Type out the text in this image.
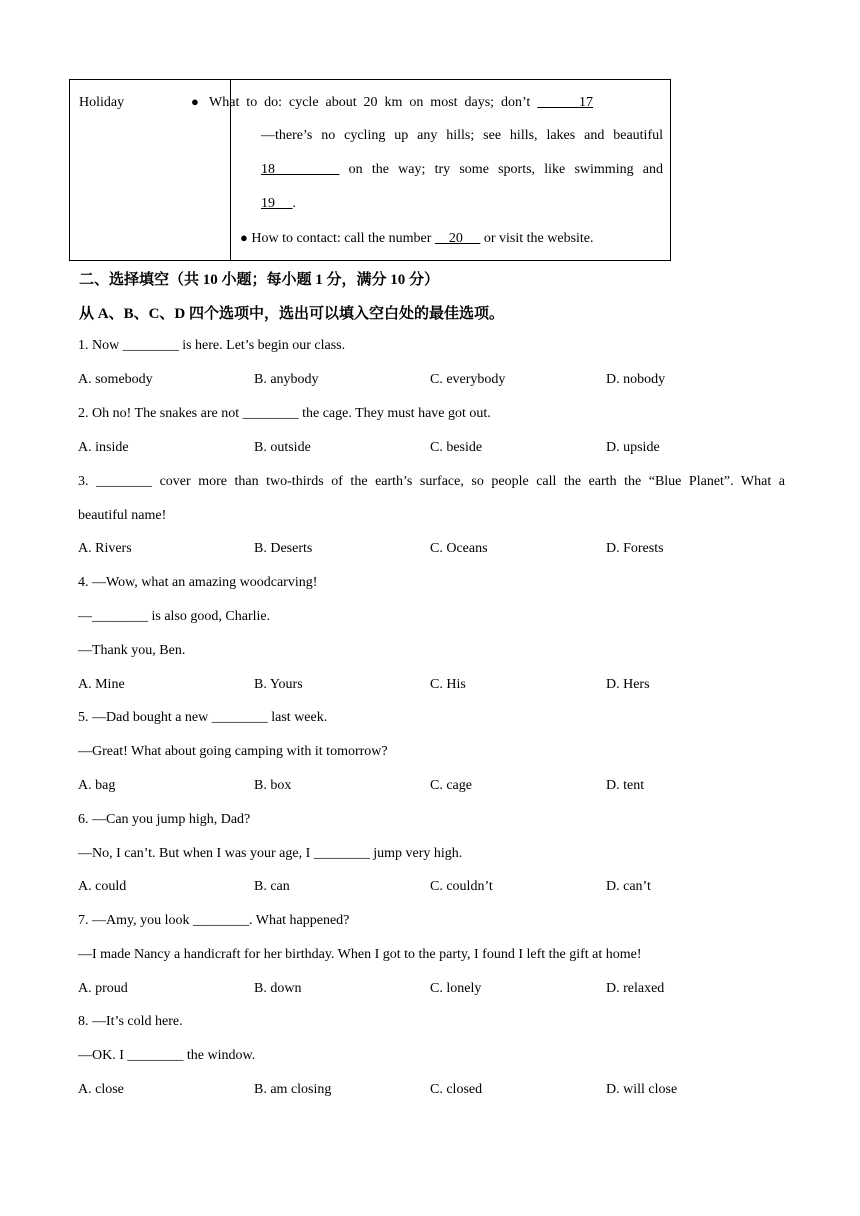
Holiday	● What to do: cycle about 20 km on most days; don’t       17
—there’s no cycling up any hills; see hills, lakes and beautiful
18        on the way; try some sports, like swimming and
19     .
● How to contact: call the number     20      or visit the website.
二、选择填空（共 10 小题；每小题 1 分，满分 10 分）
从 A、B、C、D 四个选项中，选出可以填入空白处的最佳选项。
1. Now ________ is here. Let’s begin our class.
A. somebody	B. anybody	C. everybody	D. nobody
2. Oh no! The snakes are not ________ the cage. They must have got out.
A. inside	B. outside	C. beside	D. upside
3. ________ cover more than two-thirds of the earth’s surface, so people call the earth the “Blue Planet”. What a
beautiful name!
A. Rivers	B. Deserts	C. Oceans	D. Forests
4. —Wow, what an amazing woodcarving!
—________ is also good, Charlie.
—Thank you, Ben.
A. Mine	B. Yours	C. His	D. Hers
5. —Dad bought a new ________ last week.
—Great! What about going camping with it tomorrow?
A. bag	B. box	C. cage	D. tent
6. —Can you jump high, Dad?
—No, I can’t. But when I was your age, I ________ jump very high.
A. could	B. can	C. couldn’t	D. can’t
7. —Amy, you look ________. What happened?
—I made Nancy a handicraft for her birthday. When I got to the party, I found I left the gift at home!
A. proud	B. down	C. lonely	D. relaxed
8. —It’s cold here.
—OK. I ________ the window.
A. close	B. am closing	C. closed	D. will close
